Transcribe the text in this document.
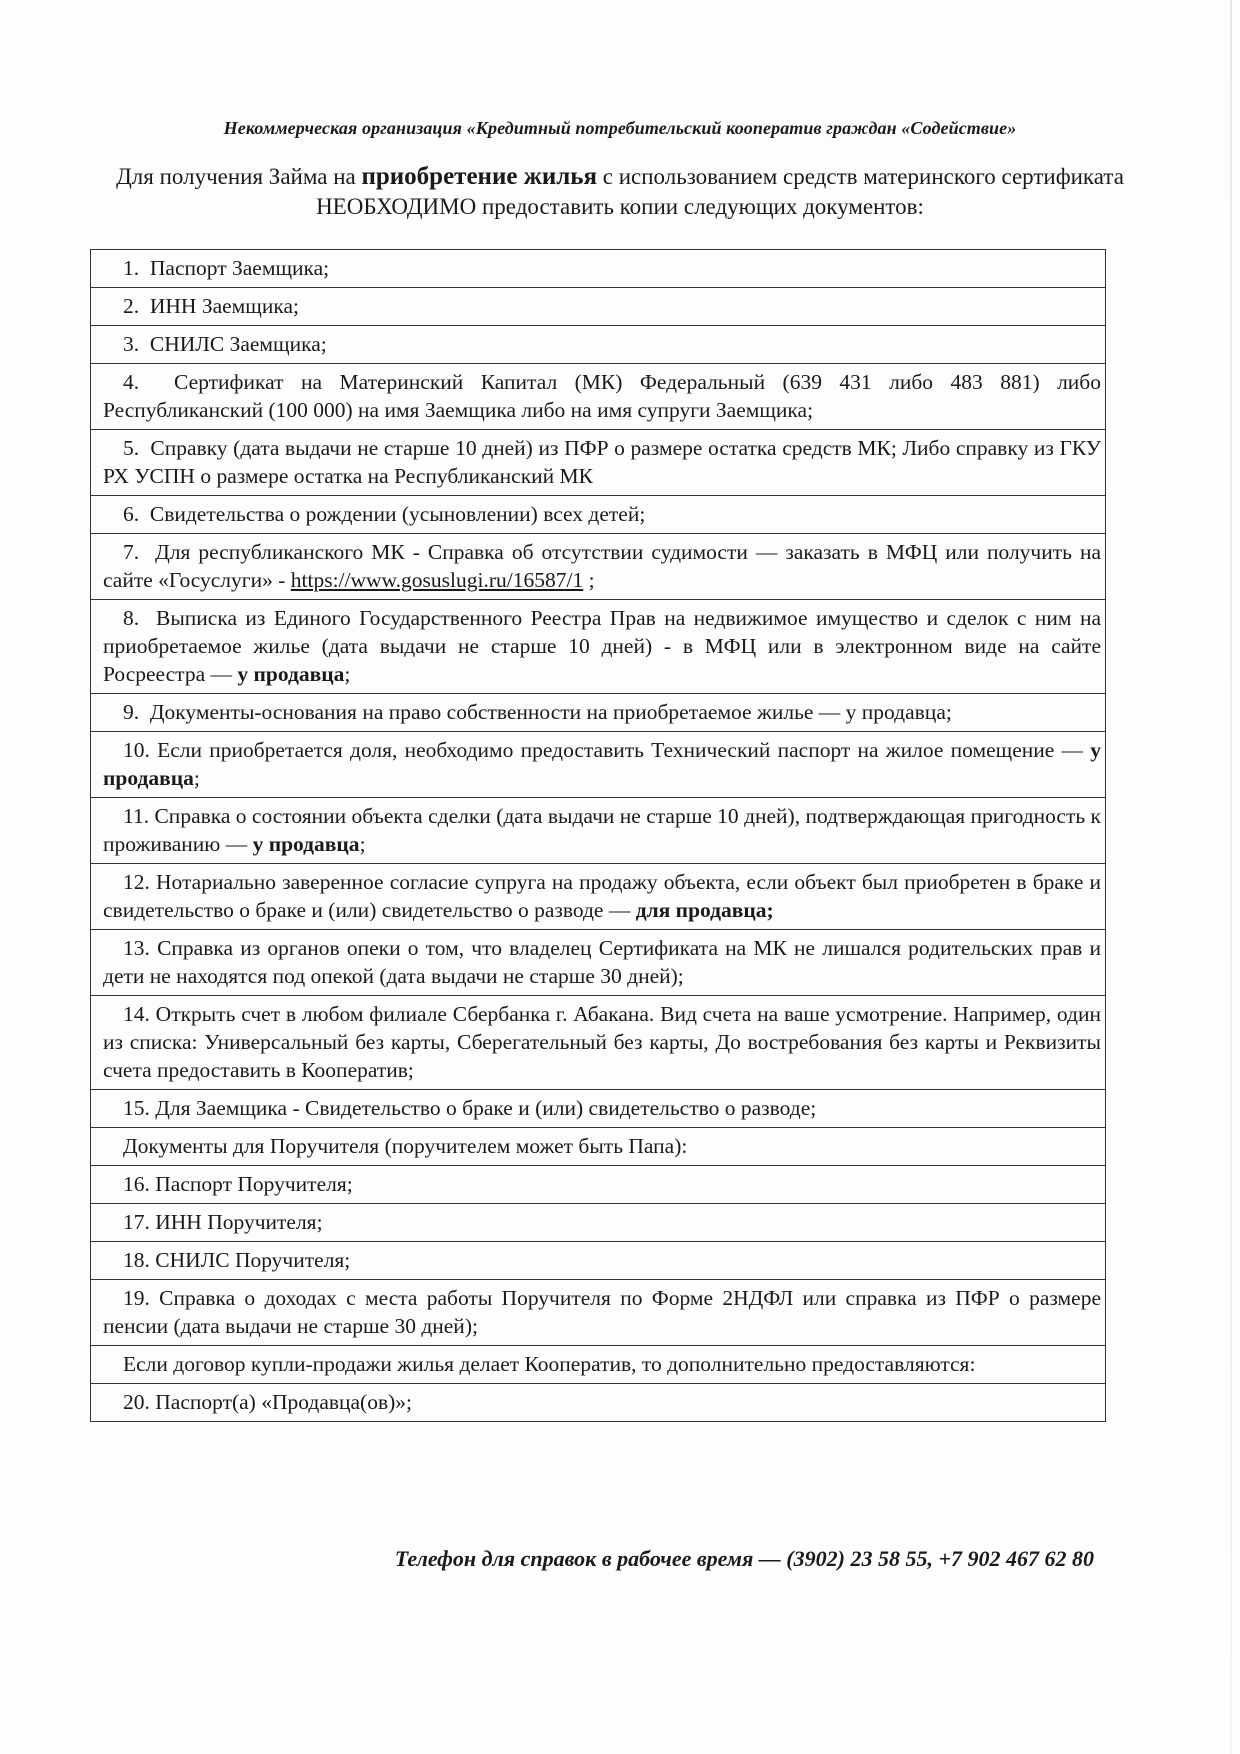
Некоммерческая организация «Кредитный потребительский кооператив граждан «Содействие»
Для получения Займа на приобретение жилья с использованием средств материнского сертификата НЕОБХОДИМО предоставить копии следующих документов:
1. Паспорт Заемщика;
2. ИНН Заемщика;
3. СНИЛС Заемщика;
4. Сертификат на Материнский Капитал (МК) Федеральный (639 431 либо 483 881) либо Республиканский (100 000) на имя Заемщика либо на имя супруги Заемщика;
5. Справку (дата выдачи не старше 10 дней) из ПФР о размере остатка средств МК; Либо справку из ГКУ РХ УСПН о размере остатка на Республиканский МК
6. Свидетельства о рождении (усыновлении) всех детей;
7. Для республиканского МК - Справка об отсутствии судимости — заказать в МФЦ или получить на сайте «Госуслуги» - https://www.gosuslugi.ru/16587/1 ;
8. Выписка из Единого Государственного Реестра Прав на недвижимое имущество и сделок с ним на приобретаемое жилье (дата выдачи не старше 10 дней) - в МФЦ или в электронном виде на сайте Росреестра — у продавца;
9. Документы-основания на право собственности на приобретаемое жилье — у продавца;
10. Если приобретается доля, необходимо предоставить Технический паспорт на жилое помещение — у продавца;
11. Справка о состоянии объекта сделки (дата выдачи не старше 10 дней), подтверждающая пригодность к проживанию — у продавца;
12. Нотариально заверенное согласие супруга на продажу объекта, если объект был приобретен в браке и свидетельство о браке и (или) свидетельство о разводе — для продавца;
13. Справка из органов опеки о том, что владелец Сертификата на МК не лишался родительских прав и дети не находятся под опекой (дата выдачи не старше 30 дней);
14. Открыть счет в любом филиале Сбербанка г. Абакана. Вид счета на ваше усмотрение. Например, один из списка: Универсальный без карты, Сберегательный без карты, До востребования без карты и Реквизиты счета предоставить в Кооператив;
15. Для Заемщика - Свидетельство о браке и (или) свидетельство о разводе;
Документы для Поручителя (поручителем может быть Папа):
16. Паспорт Поручителя;
17. ИНН Поручителя;
18. СНИЛС Поручителя;
19. Справка о доходах с места работы Поручителя по Форме 2НДФЛ или справка из ПФР о размере пенсии (дата выдачи не старше 30 дней);
Если договор купли-продажи жилья делает Кооператив, то дополнительно предоставляются:
20. Паспорт(а) «Продавца(ов)»;
Телефон для справок в рабочее время — (3902) 23 58 55, +7 902 467 62 80
